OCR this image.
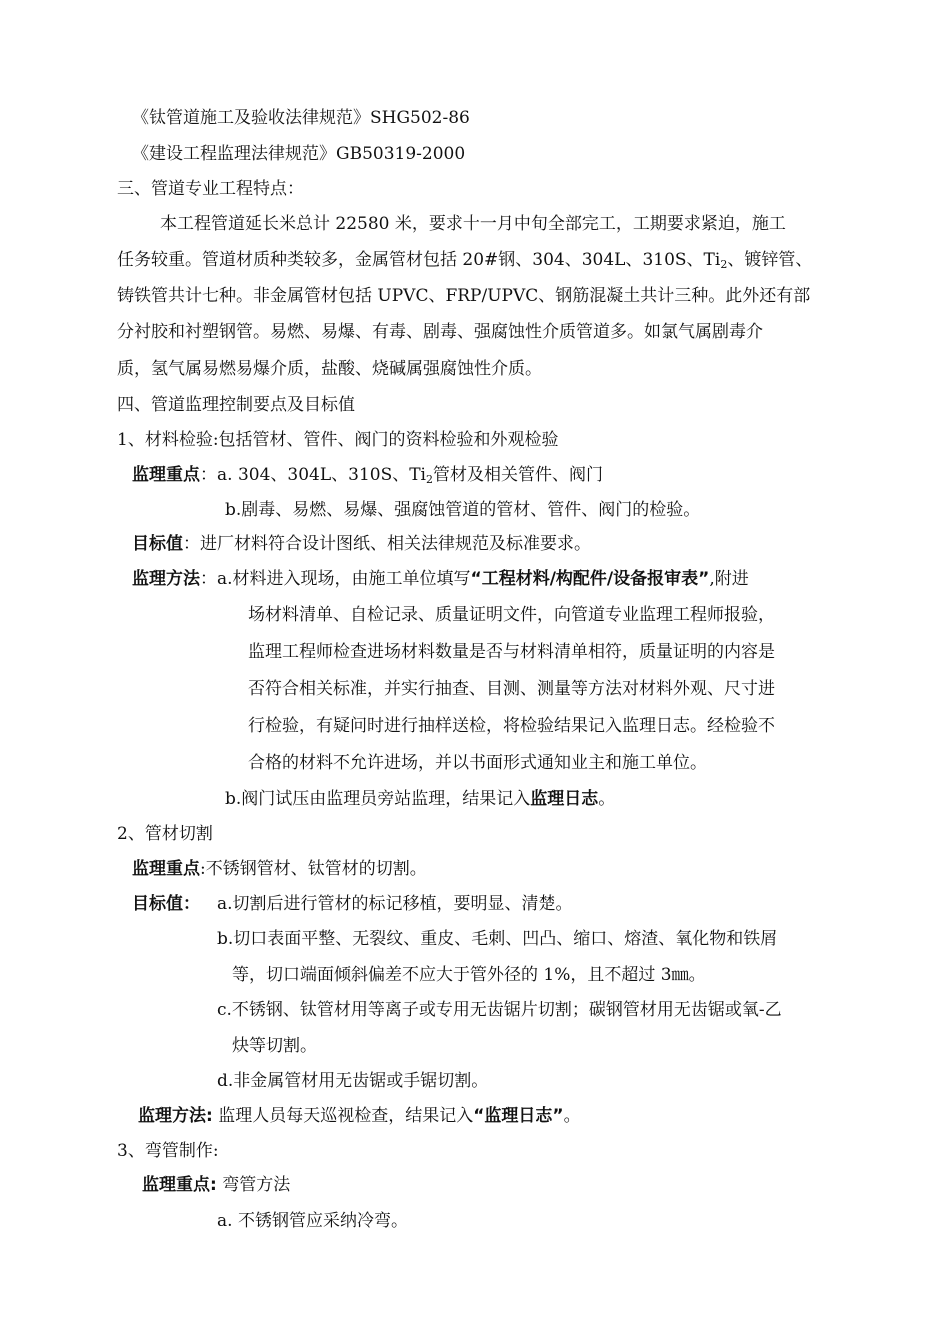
《钛管道施工及验收法律规范》SHG502-86
《建设工程监理法律规范》GB50319-2000
三、管道专业工程特点：
本工程管道延长米总计 22580 米，要求十一月中旬全部完工，工期要求紧迫，施工
任务较重。管道材质种类较多，金属管材包括 20#钢、304、304L、310S、$Ti_2$、镀锌管、
铸铁管共计七种。非金属管材包括 UPVC、FRP/UPVC、钢筋混凝土共计三种。此外还有部
分衬胶和衬塑钢管。易燃、易爆、有毒、剧毒、强腐蚀性介质管道多。如氯气属剧毒介
质，氢气属易燃易爆介质，盐酸、烧碱属强腐蚀性介质。
四、管道监理控制要点及目标值
1、材料检验:包括管材、管件、阀门的资料检验和外观检验
监理重点：a. 304、304L、310S、$Ti_2$管材及相关管件、阀门
b.剧毒、易燃、易爆、强腐蚀管道的管材、管件、阀门的检验。
目标值：进厂材料符合设计图纸、相关法律规范及标准要求。
监理方法：a.材料进入现场，由施工单位填写“工程材料/构配件/设备报审表”,附进
场材料清单、自检记录、质量证明文件，向管道专业监理工程师报验，
监理工程师检查进场材料数量是否与材料清单相符，质量证明的内容是
否符合相关标准，并实行抽查、目测、测量等方法对材料外观、尺寸进
行检验，有疑问时进行抽样送检，将检验结果记入监理日志。经检验不
合格的材料不允许进场，并以书面形式通知业主和施工单位。
b.阀门试压由监理员旁站监理，结果记入监理日志。
2、管材切割
监理重点:不锈钢管材、钛管材的切割。
目标值： a.切割后进行管材的标记移植，要明显、清楚。
b.切口表面平整、无裂纹、重皮、毛刺、凹凸、缩口、熔渣、氧化物和铁屑
等，切口端面倾斜偏差不应大于管外径的 1%，且不超过 3㎜。
c.不锈钢、钛管材用等离子或专用无齿锯片切割；碳钢管材用无齿锯或氧-乙
炔等切割。
d.非金属管材用无齿锯或手锯切割。
监理方法: 监理人员每天巡视检查，结果记入“监理日志”。
3、弯管制作:
监理重点: 弯管方法
a. 不锈钢管应采纳冷弯。
